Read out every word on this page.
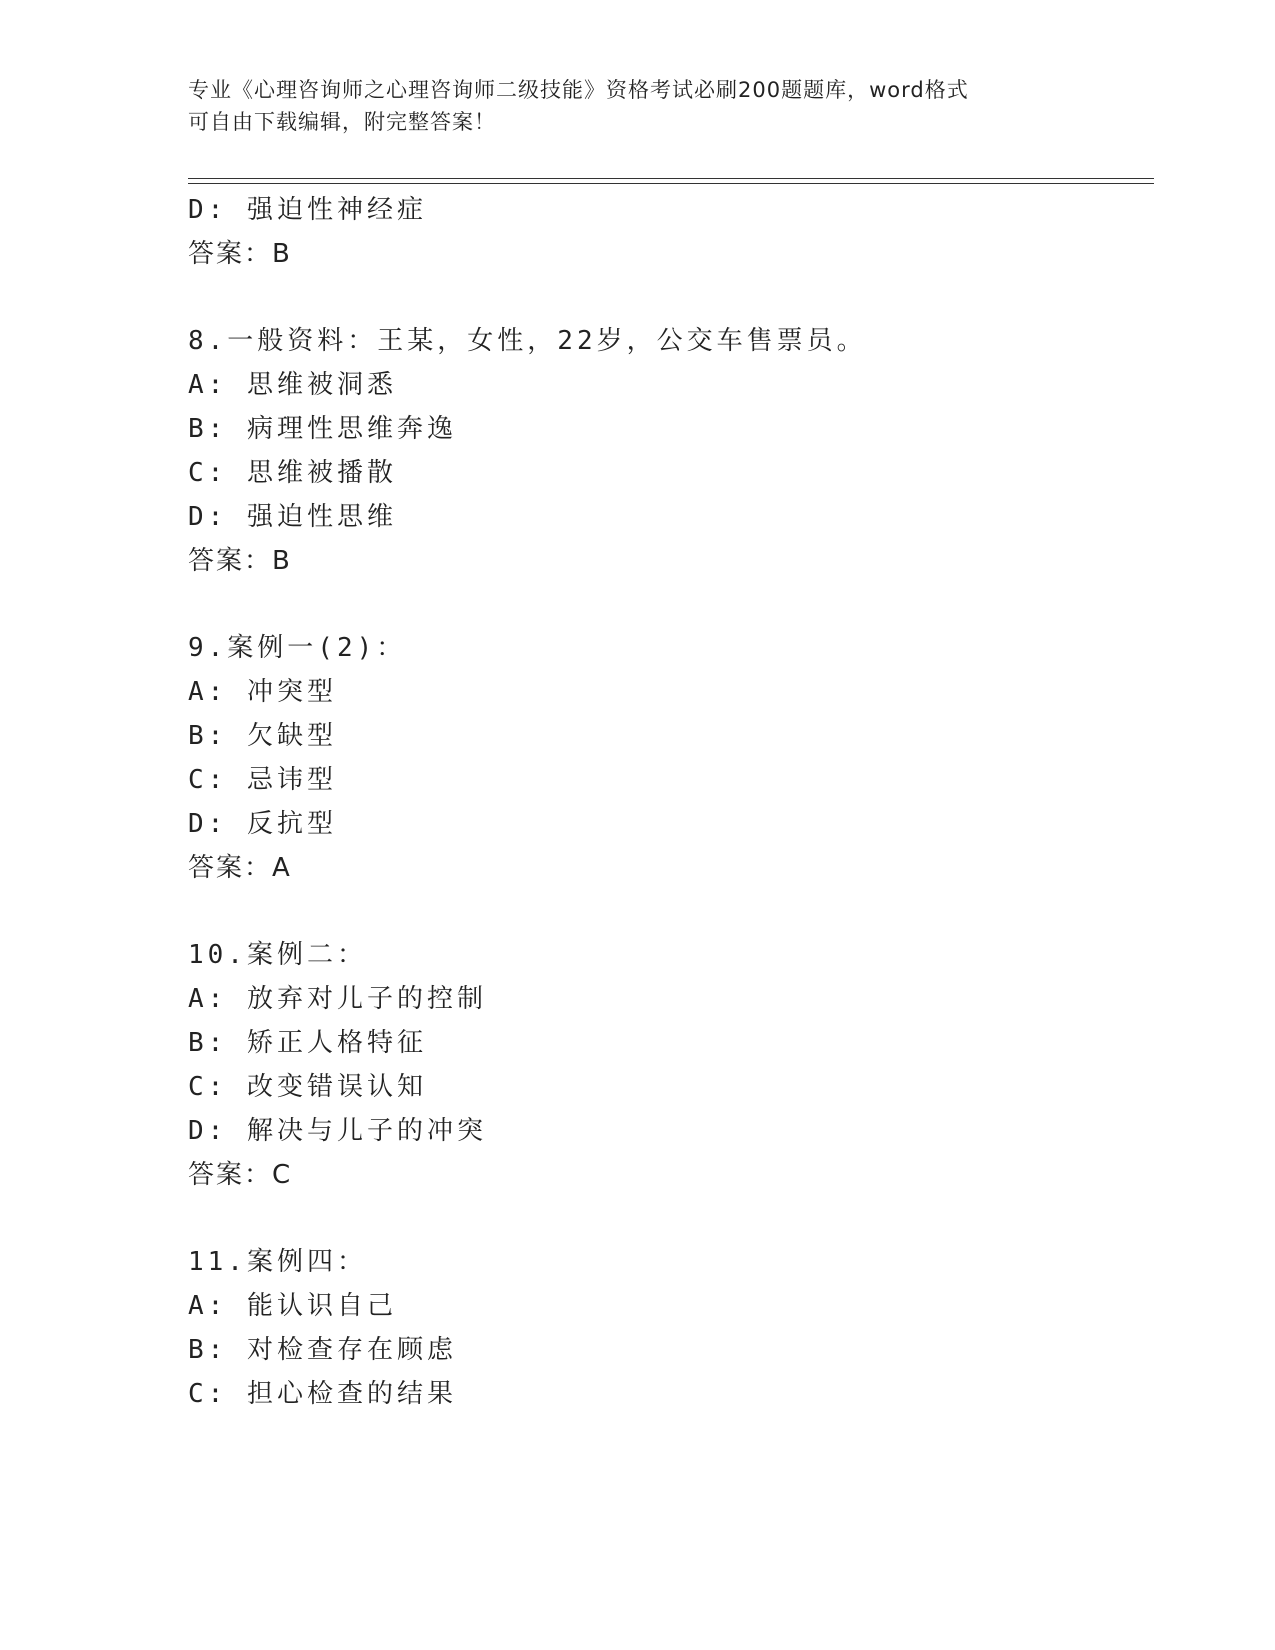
专业《心理咨询师之心理咨询师二级技能》资格考试必刷200题题库，word格式
可自由下载编辑，附完整答案！
D: 强迫性神经症
答案：B
8.一般资料：王某，女性，22岁，公交车售票员。
A: 思维被洞悉
B: 病理性思维奔逸
C: 思维被播散
D: 强迫性思维
答案：B
9.案例一(2)：
A: 冲突型
B: 欠缺型
C: 忌讳型
D: 反抗型
答案：A
10.案例二：
A: 放弃对儿子的控制
B: 矫正人格特征
C: 改变错误认知
D: 解决与儿子的冲突
答案：C
11.案例四：
A: 能认识自己
B: 对检查存在顾虑
C: 担心检查的结果
